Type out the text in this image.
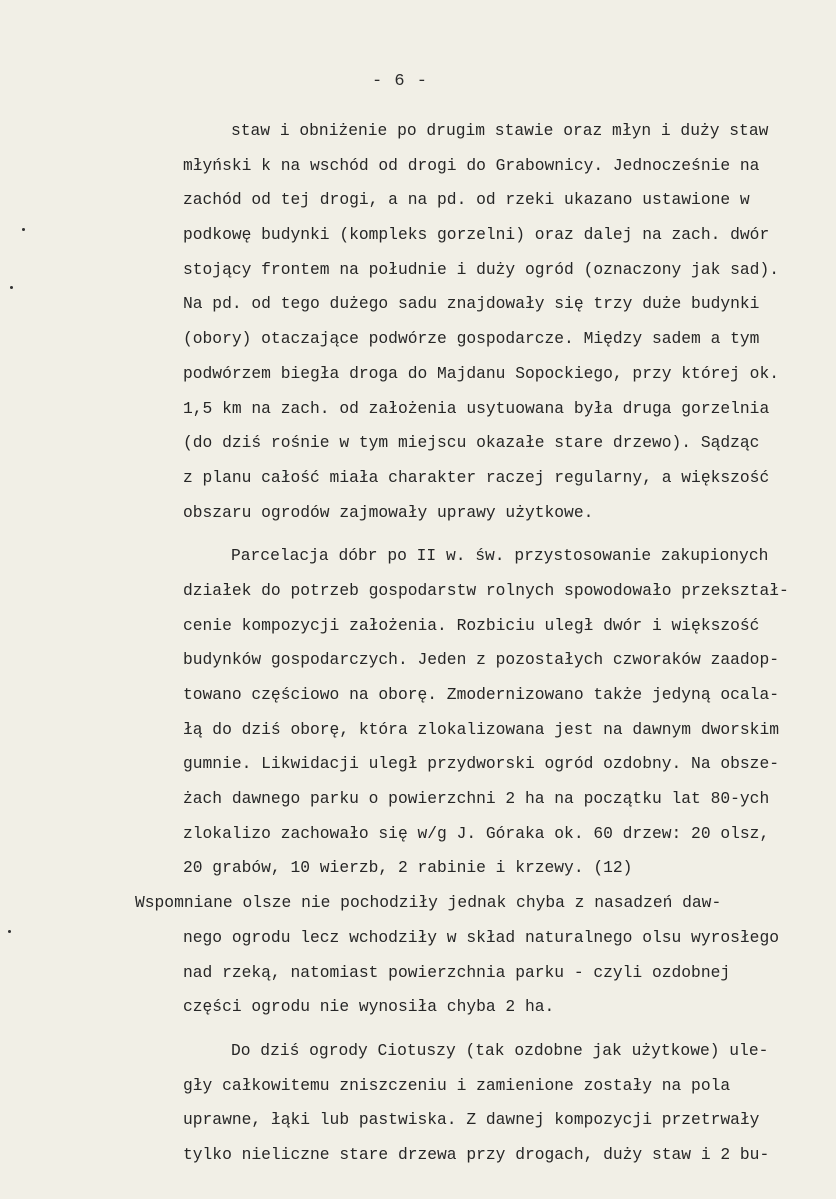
- 6 -
staw i obniżenie po drugim stawie oraz młyn i duży staw
młyński k na wschód od drogi do Grabownicy. Jednocześnie na
zachód od tej drogi, a na pd. od rzeki ukazano ustawione w
podkowę budynki (kompleks gorzelni) oraz dalej na zach. dwór
stojący frontem na południe i duży ogród (oznaczony jak sad).
Na pd. od tego dużego sadu znajdowały się trzy duże budynki
(obory) otaczające podwórze gospodarcze. Między sadem a tym
podwórzem biegła droga do Majdanu Sopockiego, przy której ok.
1,5 km na zach. od założenia usytuowana była druga gorzelnia
(do dziś rośnie w tym miejscu okazałe stare drzewo). Sądząc
z planu całość miała charakter raczej regularny, a większość
obszaru ogrodów zajmowały uprawy użytkowe.
Parcelacja dóbr po II w. św. przystosowanie zakupionych
działek do potrzeb gospodarstw rolnych spowodowało przekształ-
cenie kompozycji założenia. Rozbiciu uległ dwór i większość
budynków gospodarczych. Jeden z pozostałych czworaków zaadop-
towano częściowo na oborę. Zmodernizowano także jedyną ocala-
łą do dziś oborę, która zlokalizowana jest na dawnym dworskim
gumnie. Likwidacji uległ przydworski ogród ozdobny. Na obsze-
żach dawnego parku o powierzchni 2 ha na początku lat 80-ych
zlokalizo zachowało się w/g J. Góraka ok. 60 drzew: 20 olsz,
20 grabów, 10 wierzb, 2 rabinie i krzewy. (12)
Wspomniane olsze nie pochodziły jednak chyba z nasadzeń daw-
nego ogrodu lecz wchodziły w skład naturalnego olsu wyrosłego
nad rzeką, natomiast powierzchnia parku - czyli ozdobnej
części ogrodu nie wynosiła chyba 2 ha.
Do dziś ogrody Ciotuszy (tak ozdobne jak użytkowe) ule-
gły całkowitemu zniszczeniu i zamienione zostały na pola
uprawne, łąki lub pastwiska. Z dawnej kompozycji przetrwały
tylko nieliczne stare drzewa przy drogach, duży staw i 2 bu-
